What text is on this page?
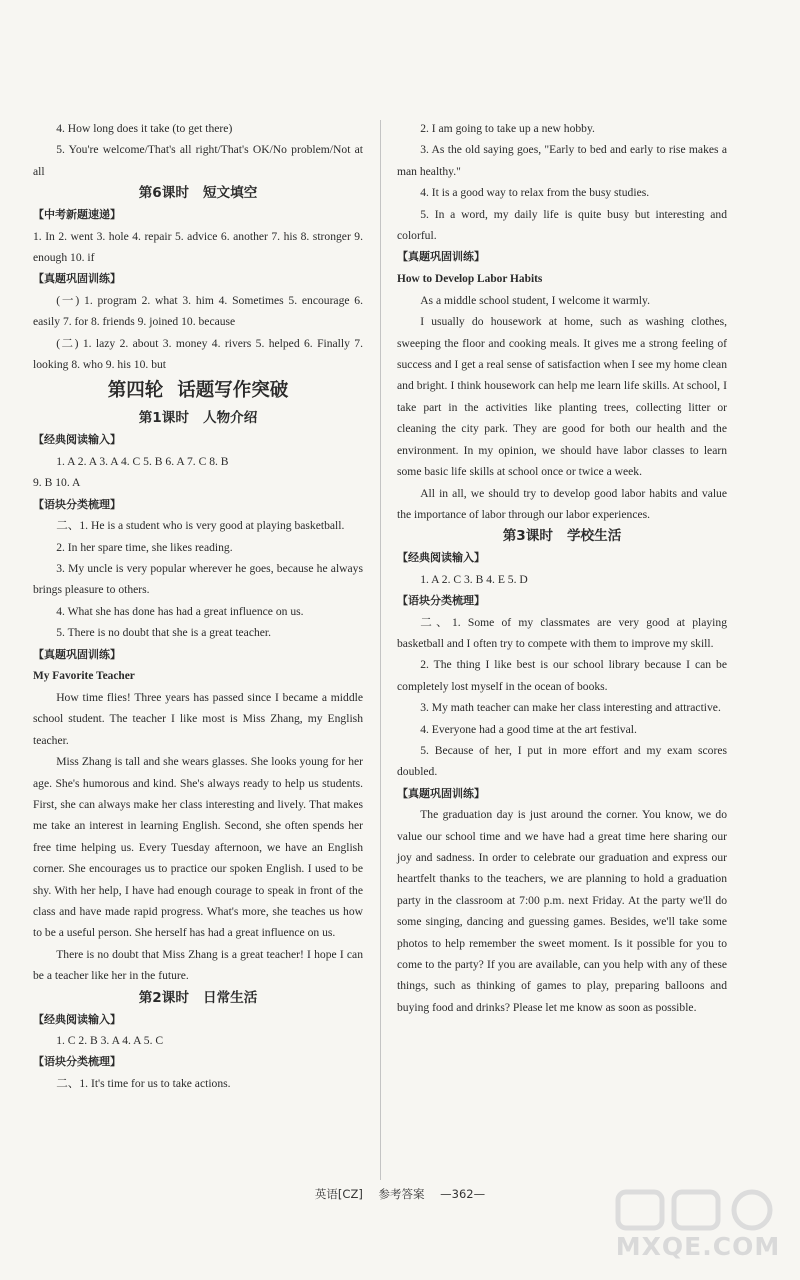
4. How long does it take (to get there)

5. You're welcome/That's all right/That's OK/No problem/Not at all

第6课时 短文填空
【中考新题速递】

1. In 2. went 3. hole 4. repair 5. advice 6. another 7. his 8. stronger 9. enough 10. if

【真题巩固训练】

(一) 1. program 2. what 3. him 4. Sometimes 5. encourage 6. easily 7. for 8. friends 9. joined 10. because

(二) 1. lazy 2. about 3. money 4. rivers 5. helped 6. Finally 7. looking 8. who 9. his 10. but

第四轮 话题写作突破
第1课时 人物介绍
【经典阅读输入】

1. A 2. A 3. A 4. C 5. B 6. A 7. C 8. B

9. B 10. A

【语块分类梳理】

二、1. He is a student who is very good at playing basketball.

2. In her spare time, she likes reading.

3. My uncle is very popular wherever he goes, because he always brings pleasure to others.

4. What she has done has had a great influence on us.

5. There is no doubt that she is a great teacher.

【真题巩固训练】

My Favorite Teacher

How time flies! Three years has passed since I became a middle school student. The teacher I like most is Miss Zhang, my English teacher.

Miss Zhang is tall and she wears glasses. She looks young for her age. She's humorous and kind. She's always ready to help us students. First, she can always make her class interesting and lively. That makes me take an interest in learning English. Second, she often spends her free time helping us. Every Tuesday afternoon, we have an English corner. She encourages us to practice our spoken English. I used to be shy. With her help, I have had enough courage to speak in front of the class and have made rapid progress. What's more, she teaches us how to be a useful person. She herself has had a great influence on us.

There is no doubt that Miss Zhang is a great teacher! I hope I can be a teacher like her in the future.

第2课时 日常生活
【经典阅读输入】

1. C 2. B 3. A 4. A 5. C

【语块分类梳理】

二、1. It's time for us to take actions.

2. I am going to take up a new hobby.

3. As the old saying goes, "Early to bed and early to rise makes a man healthy."

4. It is a good way to relax from the busy studies.

5. In a word, my daily life is quite busy but interesting and colorful.

【真题巩固训练】

How to Develop Labor Habits

As a middle school student, I welcome it warmly.

I usually do housework at home, such as washing clothes, sweeping the floor and cooking meals. It gives me a strong feeling of success and I get a real sense of satisfaction when I see my home clean and bright. I think housework can help me learn life skills. At school, I take part in the activities like planting trees, collecting litter or cleaning the city park. They are good for both our health and the environment. In my opinion, we should have labor classes to learn some basic life skills at school once or twice a week.

All in all, we should try to develop good labor habits and value the importance of labor through our labor experiences.

第3课时 学校生活
【经典阅读输入】

1. A 2. C 3. B 4. E 5. D

【语块分类梳理】

二、1. Some of my classmates are very good at playing basketball and I often try to compete with them to improve my skill.

2. The thing I like best is our school library because I can be completely lost myself in the ocean of books.

3. My math teacher can make her class interesting and attractive.

4. Everyone had a good time at the art festival.

5. Because of her, I put in more effort and my exam scores doubled.

【真题巩固训练】

The graduation day is just around the corner. You know, we do value our school time and we have had a great time here sharing our joy and sadness. In order to celebrate our graduation and express our heartfelt thanks to the teachers, we are planning to hold a graduation party in the classroom at 7:00 p.m. next Friday. At the party we'll do some singing, dancing and guessing games. Besides, we'll take some photos to help remember the sweet moment. Is it possible for you to come to the party? If you are available, can you help with any of these things, such as thinking of games to play, preparing balloons and buying food and drinks? Please let me know as soon as possible.

英语[CZ] 参考答案 —362—
MXQE.COM
